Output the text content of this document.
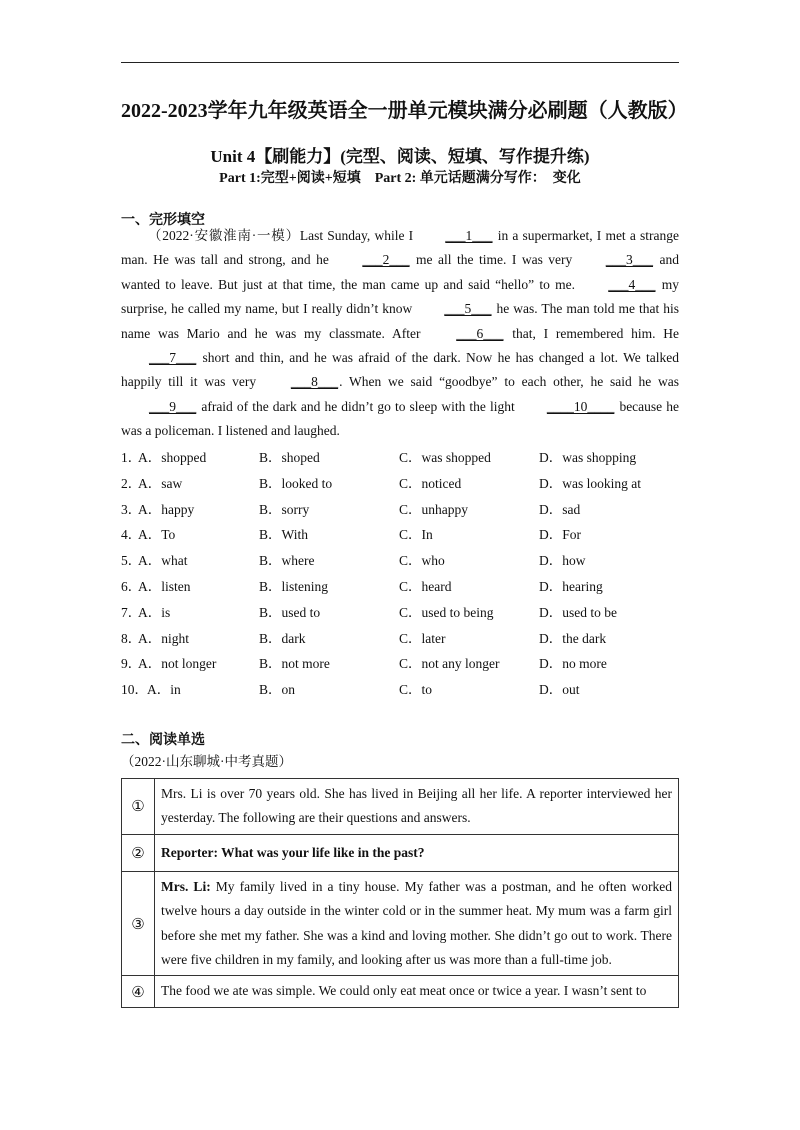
2022-2023学年九年级英语全一册单元模块满分必刷题（人教版）
Unit 4【刷能力】(完型、阅读、短填、写作提升练)
Part 1:完型+阅读+短填　Part 2: 单元话题满分写作：　变化
一、完形填空

（2022·安徽淮南·一模）Last Sunday, while I ___1___ in a supermarket, I met a strange man. He was tall and strong, and he ___2___ me all the time. I was very ___3___ and wanted to leave. But just at that time, the man came up and said “hello” to me. ___4___ my surprise, he called my name, but I really didn’t know ___5___ he was. The man told me that his name was Mario and he was my classmate. After ___6___ that, I remembered him. He ___7___ short and thin, and he was afraid of the dark. Now he has changed a lot. We talked happily till it was very ___8___. When we said “goodbye” to each other, he said he was ___9___ afraid of the dark and he didn’t go to sleep with the light ____10____ because he was a policeman. I listened and laughed.

1．
A．shopped	B．shoped	C．was shopped	D．was shopping
2．
A．saw	B．looked to	C．noticed	D．was looking at
3．
A．happy	B．sorry	C．unhappy	D．sad
4．
A．To	B．With	C．In	D．For
5．
A．what	B．where	C．who	D．how
6．
A．listen	B．listening	C．heard	D．hearing
7．
A．is	B．used to	C．used to being	D．used to be
8．
A．night	B．dark	C．later	D．the dark
9．
A．not longer	B．not more	C．not any longer	D．no more
10． A．in	B．on	C．to	D．out
二、阅读单选
（2022·山东聊城·中考真题）
①	Mrs. Li is over 70 years old. She has lived in Beijing all her life. A reporter interviewed her yesterday. The following are their questions and answers.
②	Reporter: What was your life like in the past?
③	Mrs. Li: My family lived in a tiny house. My father was a postman, and he often worked twelve hours a day outside in the winter cold or in the summer heat. My mum was a farm girl before she met my father. She was a kind and loving mother. She didn’t go out to work. There were five children in my family, and looking after us was more than a full-time job.
④	The food we ate was simple. We could only eat meat once or twice a year. I wasn’t sent to
